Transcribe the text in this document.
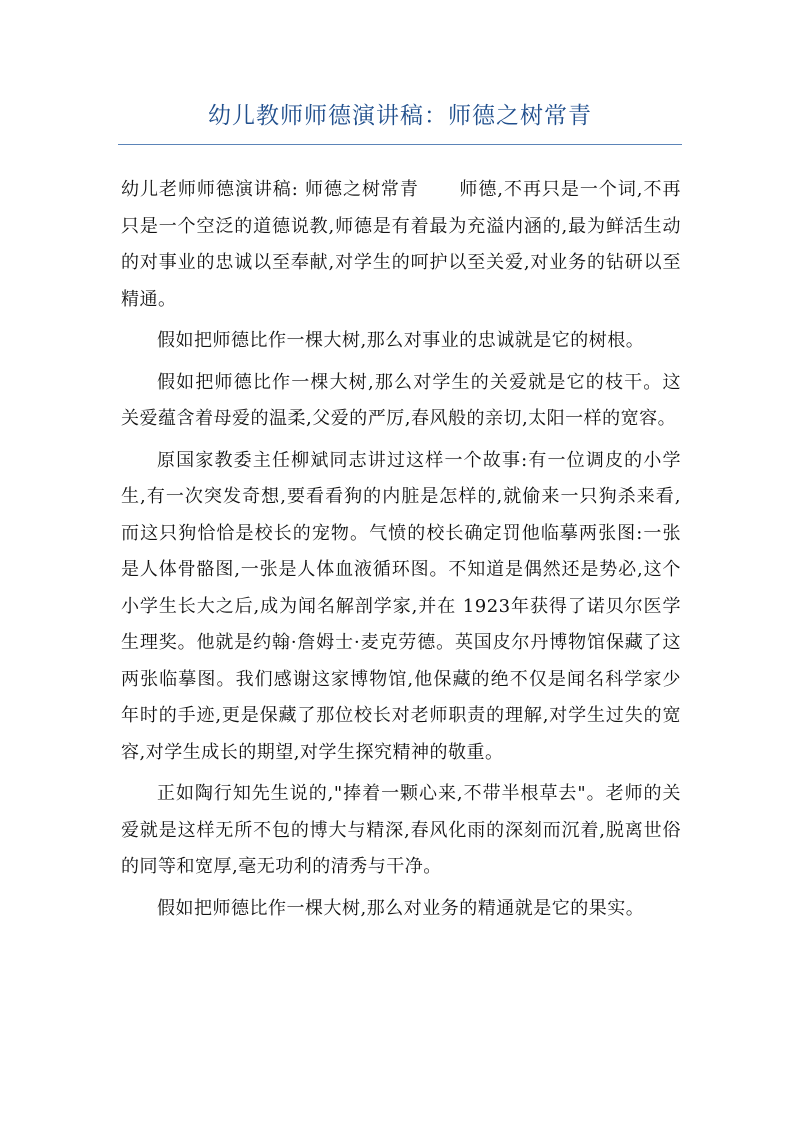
幼儿教师师德演讲稿：师德之树常青

幼儿老师师德演讲稿: 师德之树常青 师德,不再只是一个词,不再只是一个空泛的道德说教,师德是有着最为充溢内涵的,最为鲜活生动的对事业的忠诚以至奉献,对学生的呵护以至关爱,对业务的钻研以至精通。

假如把师德比作一棵大树,那么对事业的忠诚就是它的树根。

假如把师德比作一棵大树,那么对学生的关爱就是它的枝干。这关爱蕴含着母爱的温柔,父爱的严厉,春风般的亲切,太阳一样的宽容。

原国家教委主任柳斌同志讲过这样一个故事:有一位调皮的小学生,有一次突发奇想,要看看狗的内脏是怎样的,就偷来一只狗杀来看,而这只狗恰恰是校长的宠物。气愤的校长确定罚他临摹两张图:一张是人体骨骼图,一张是人体血液循环图。不知道是偶然还是势必,这个小学生长大之后,成为闻名解剖学家,并在 1923年获得了诺贝尔医学生理奖。他就是约翰·詹姆士·麦克劳德。英国皮尔丹博物馆保藏了这两张临摹图。我们感谢这家博物馆,他保藏的绝不仅是闻名科学家少年时的手迹,更是保藏了那位校长对老师职责的理解,对学生过失的宽容,对学生成长的期望,对学生探究精神的敬重。

正如陶行知先生说的,"捧着一颗心来,不带半根草去"。老师的关爱就是这样无所不包的博大与精深,春风化雨的深刻而沉着,脱离世俗的同等和宽厚,毫无功利的清秀与干净。

假如把师德比作一棵大树,那么对业务的精通就是它的果实。
